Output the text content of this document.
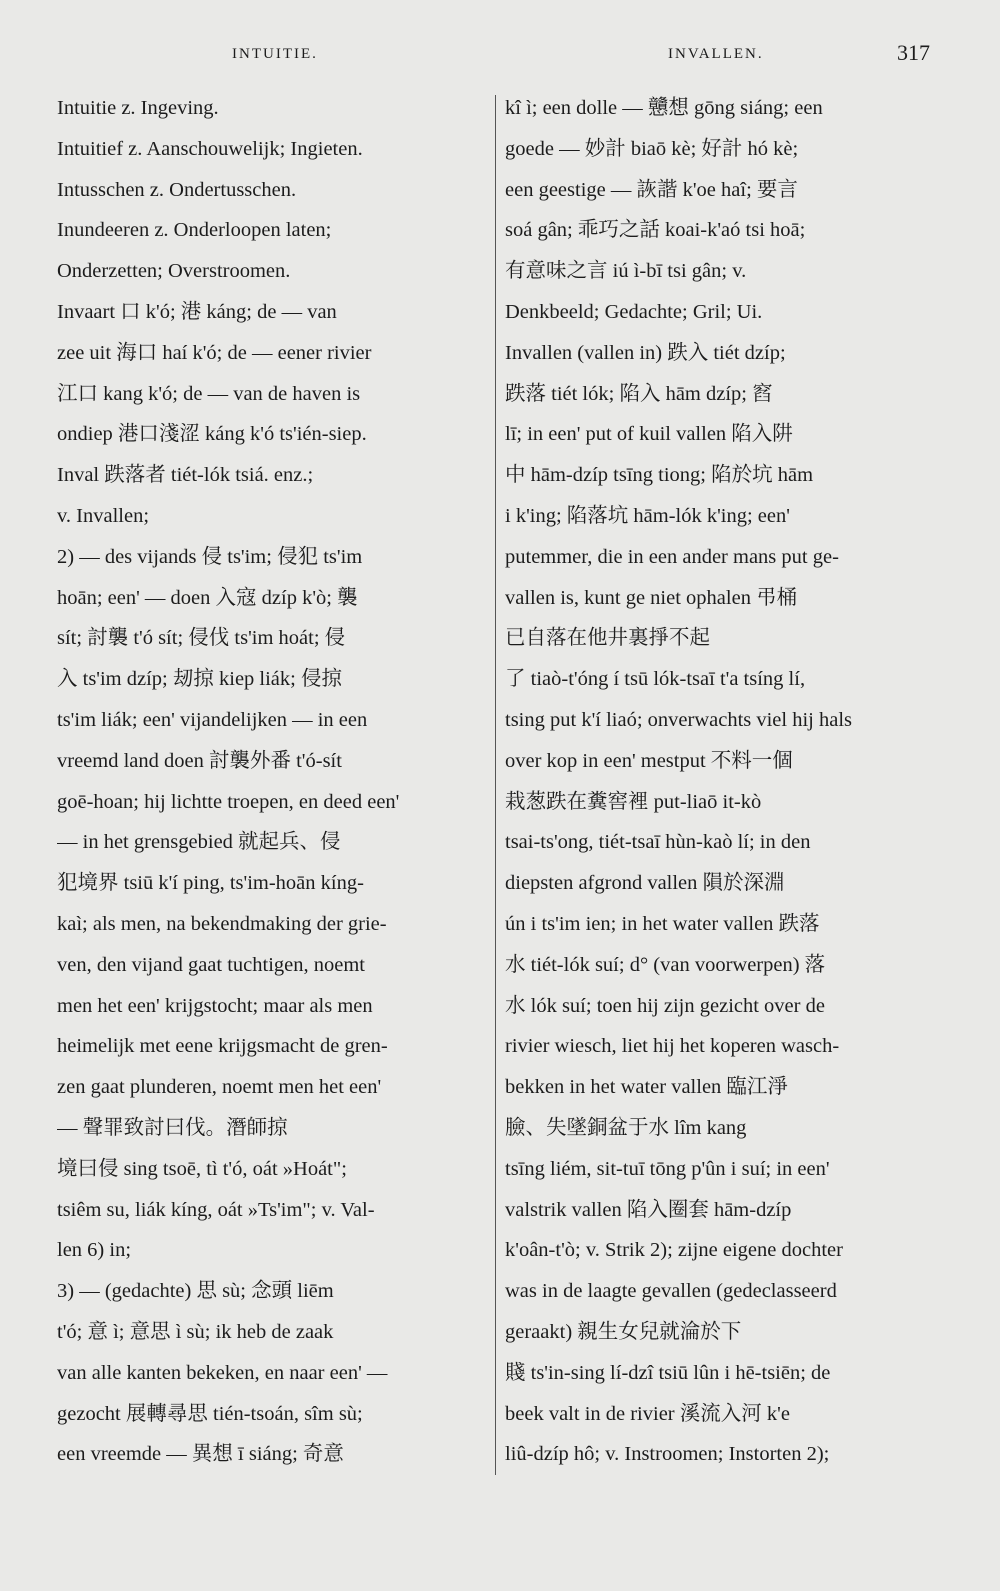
INTUITIE.	INVALLEN.	317
Intuitie z. Ingeving.
Intuitief z. Aanschouwelijk; Ingieten.
Intusschen z. Ondertusschen.
Inundeeren z. Onderloopen laten;
Onderzetten; Overstroomen.
Invaart 口 k'ó; 港 káng; de — van
zee uit 海口 haí k'ó; de — eener rivier
江口 kang k'ó; de — van de haven is
ondiep 港口淺涩 káng k'ó ts'ién-siep.
Inval 跌落者 tiét-lók tsiá. enz.;
v. Invallen;
2) — des vijands 侵 ts'im; 侵犯 ts'im
hoān; een' — doen 入寇 dzíp k'ò; 襲
sít; 討襲 t'ó sít; 侵伐 ts'im hoát; 侵
入 ts'im dzíp; 刼掠 kiep liák; 侵掠
ts'im liák; een' vijandelijken — in een
vreemd land doen 討襲外番 t'ó-sít
goē-hoan; hij lichtte troepen, en deed een'
— in het grensgebied 就起兵、侵
犯境界 tsiū k'í ping, ts'im-hoān kíng-
kaì; als men, na bekendmaking der grie-
ven, den vijand gaat tuchtigen, noemt
men het een' krijgstocht; maar als men
heimelijk met eene krijgsmacht de gren-
zen gaat plunderen, noemt men het een'
— 聲罪致討曰伐。潛師掠
境曰侵 sing tsoē, tì t'ó, oát »Hoát";
tsiêm su, liák kíng, oát »Ts'im"; v. Val-
len 6) in;
3) — (gedachte) 思 sù; 念頭 liēm
t'ó; 意 ì; 意思 ì sù; ik heb de zaak
van alle kanten bekeken, en naar een' —
gezocht 展轉尋思 tién-tsoán, sîm sù;
een vreemde — 異想 ī siáng; 奇意
kî ì; een dolle — 戇想 gōng siáng; een
goede — 妙計 biaō kè; 好計 hó kè;
een geestige — 詼諧 k'oe haî; 要言
soá gân; 乖巧之話 koai-k'aó tsi hoā;
有意味之言 iú ì-bī tsi gân; v.
Denkbeeld; Gedachte; Gril; Ui.
Invallen (vallen in) 跌入 tiét dzíp;
跌落 tiét lók; 陷入 hām dzíp; 窞
lī; in een' put of kuil vallen 陷入阱
中 hām-dzíp tsīng tiong; 陷於坑 hām
i k'ing; 陷落坑 hām-lók k'ing; een'
putemmer, die in een ander mans put ge-
vallen is, kunt ge niet ophalen 弔桶
已自落在他井裏掙不起
了 tiaò-t'óng í tsū lók-tsaī t'a tsíng lí,
tsing put k'í liaó; onverwachts viel hij hals
over kop in een' mestput 不料一個
栽葱跌在糞窖裡 put-liaō it-kò
tsai-ts'ong, tiét-tsaī hùn-kaò lí; in den
diepsten afgrond vallen 隕於深淵
ún i ts'im ien; in het water vallen 跌落
水 tiét-lók suí; d° (van voorwerpen) 落
水 lók suí; toen hij zijn gezicht over de
rivier wiesch, liet hij het koperen wasch-
bekken in het water vallen 臨江淨
臉、失墜銅盆于水 lîm kang
tsīng liém, sit-tuī tōng p'ûn i suí; in een'
valstrik vallen 陷入圈套 hām-dzíp
k'oân-t'ò; v. Strik 2); zijne eigene dochter
was in de laagte gevallen (gedeclasseerd
geraakt) 親生女兒就淪於下
賤 ts'in-sing lí-dzî tsiū lûn i hē-tsiēn; de
beek valt in de rivier 溪流入河 k'e
liû-dzíp hô; v. Instroomen; Instorten 2);
